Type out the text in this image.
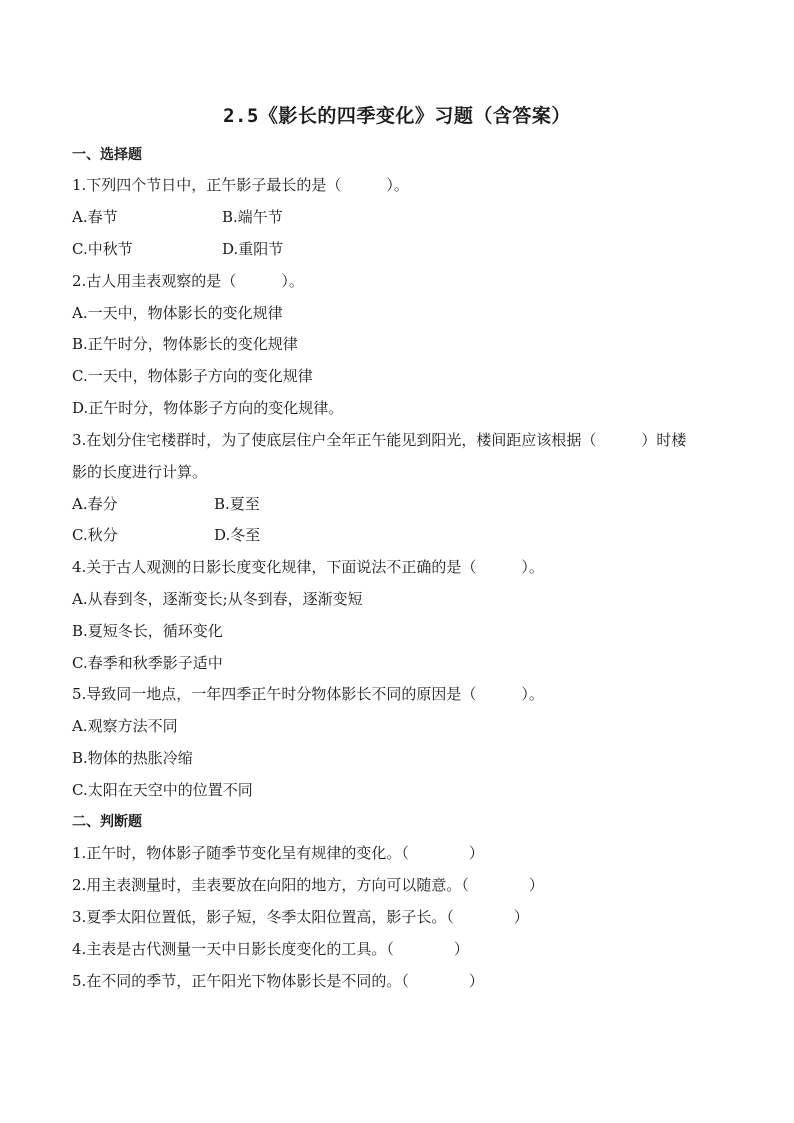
2.5《影长的四季变化》习题（含答案）
一、选择题
1.下列四个节日中，正午影子最长的是（　　　）。
A.春节	B.端午节
C.中秋节	D.重阳节
2.古人用圭表观察的是（　　　）。
A.一天中，物体影长的变化规律
B.正午时分，物体影长的变化规律
C.一天中，物体影子方向的变化规律
D.正午时分，物体影子方向的变化规律。
3.在划分住宅楼群时，为了使底层住户全年正午能见到阳光，楼间距应该根据（　　　）时楼
影的长度进行计算。
A.春分	B.夏至
C.秋分	D.冬至
4.关于古人观测的日影长度变化规律，下面说法不正确的是（　　　）。
A.从春到冬，逐渐变长;从冬到春，逐渐变短
B.夏短冬长，循环变化
C.春季和秋季影子适中
5.导致同一地点，一年四季正午时分物体影长不同的原因是（　　　）。
A.观察方法不同
B.物体的热胀冷缩
C.太阳在天空中的位置不同
二、判断题
1.正午时，物体影子随季节变化呈有规律的变化。（　　　　）
2.用主表测量时，圭表要放在向阳的地方，方向可以随意。（　　　　）
3.夏季太阳位置低，影子短，冬季太阳位置高，影子长。（　　　　）
4.主表是古代测量一天中日影长度变化的工具。（　　　　）
5.在不同的季节，正午阳光下物体影长是不同的。（　　　　）
